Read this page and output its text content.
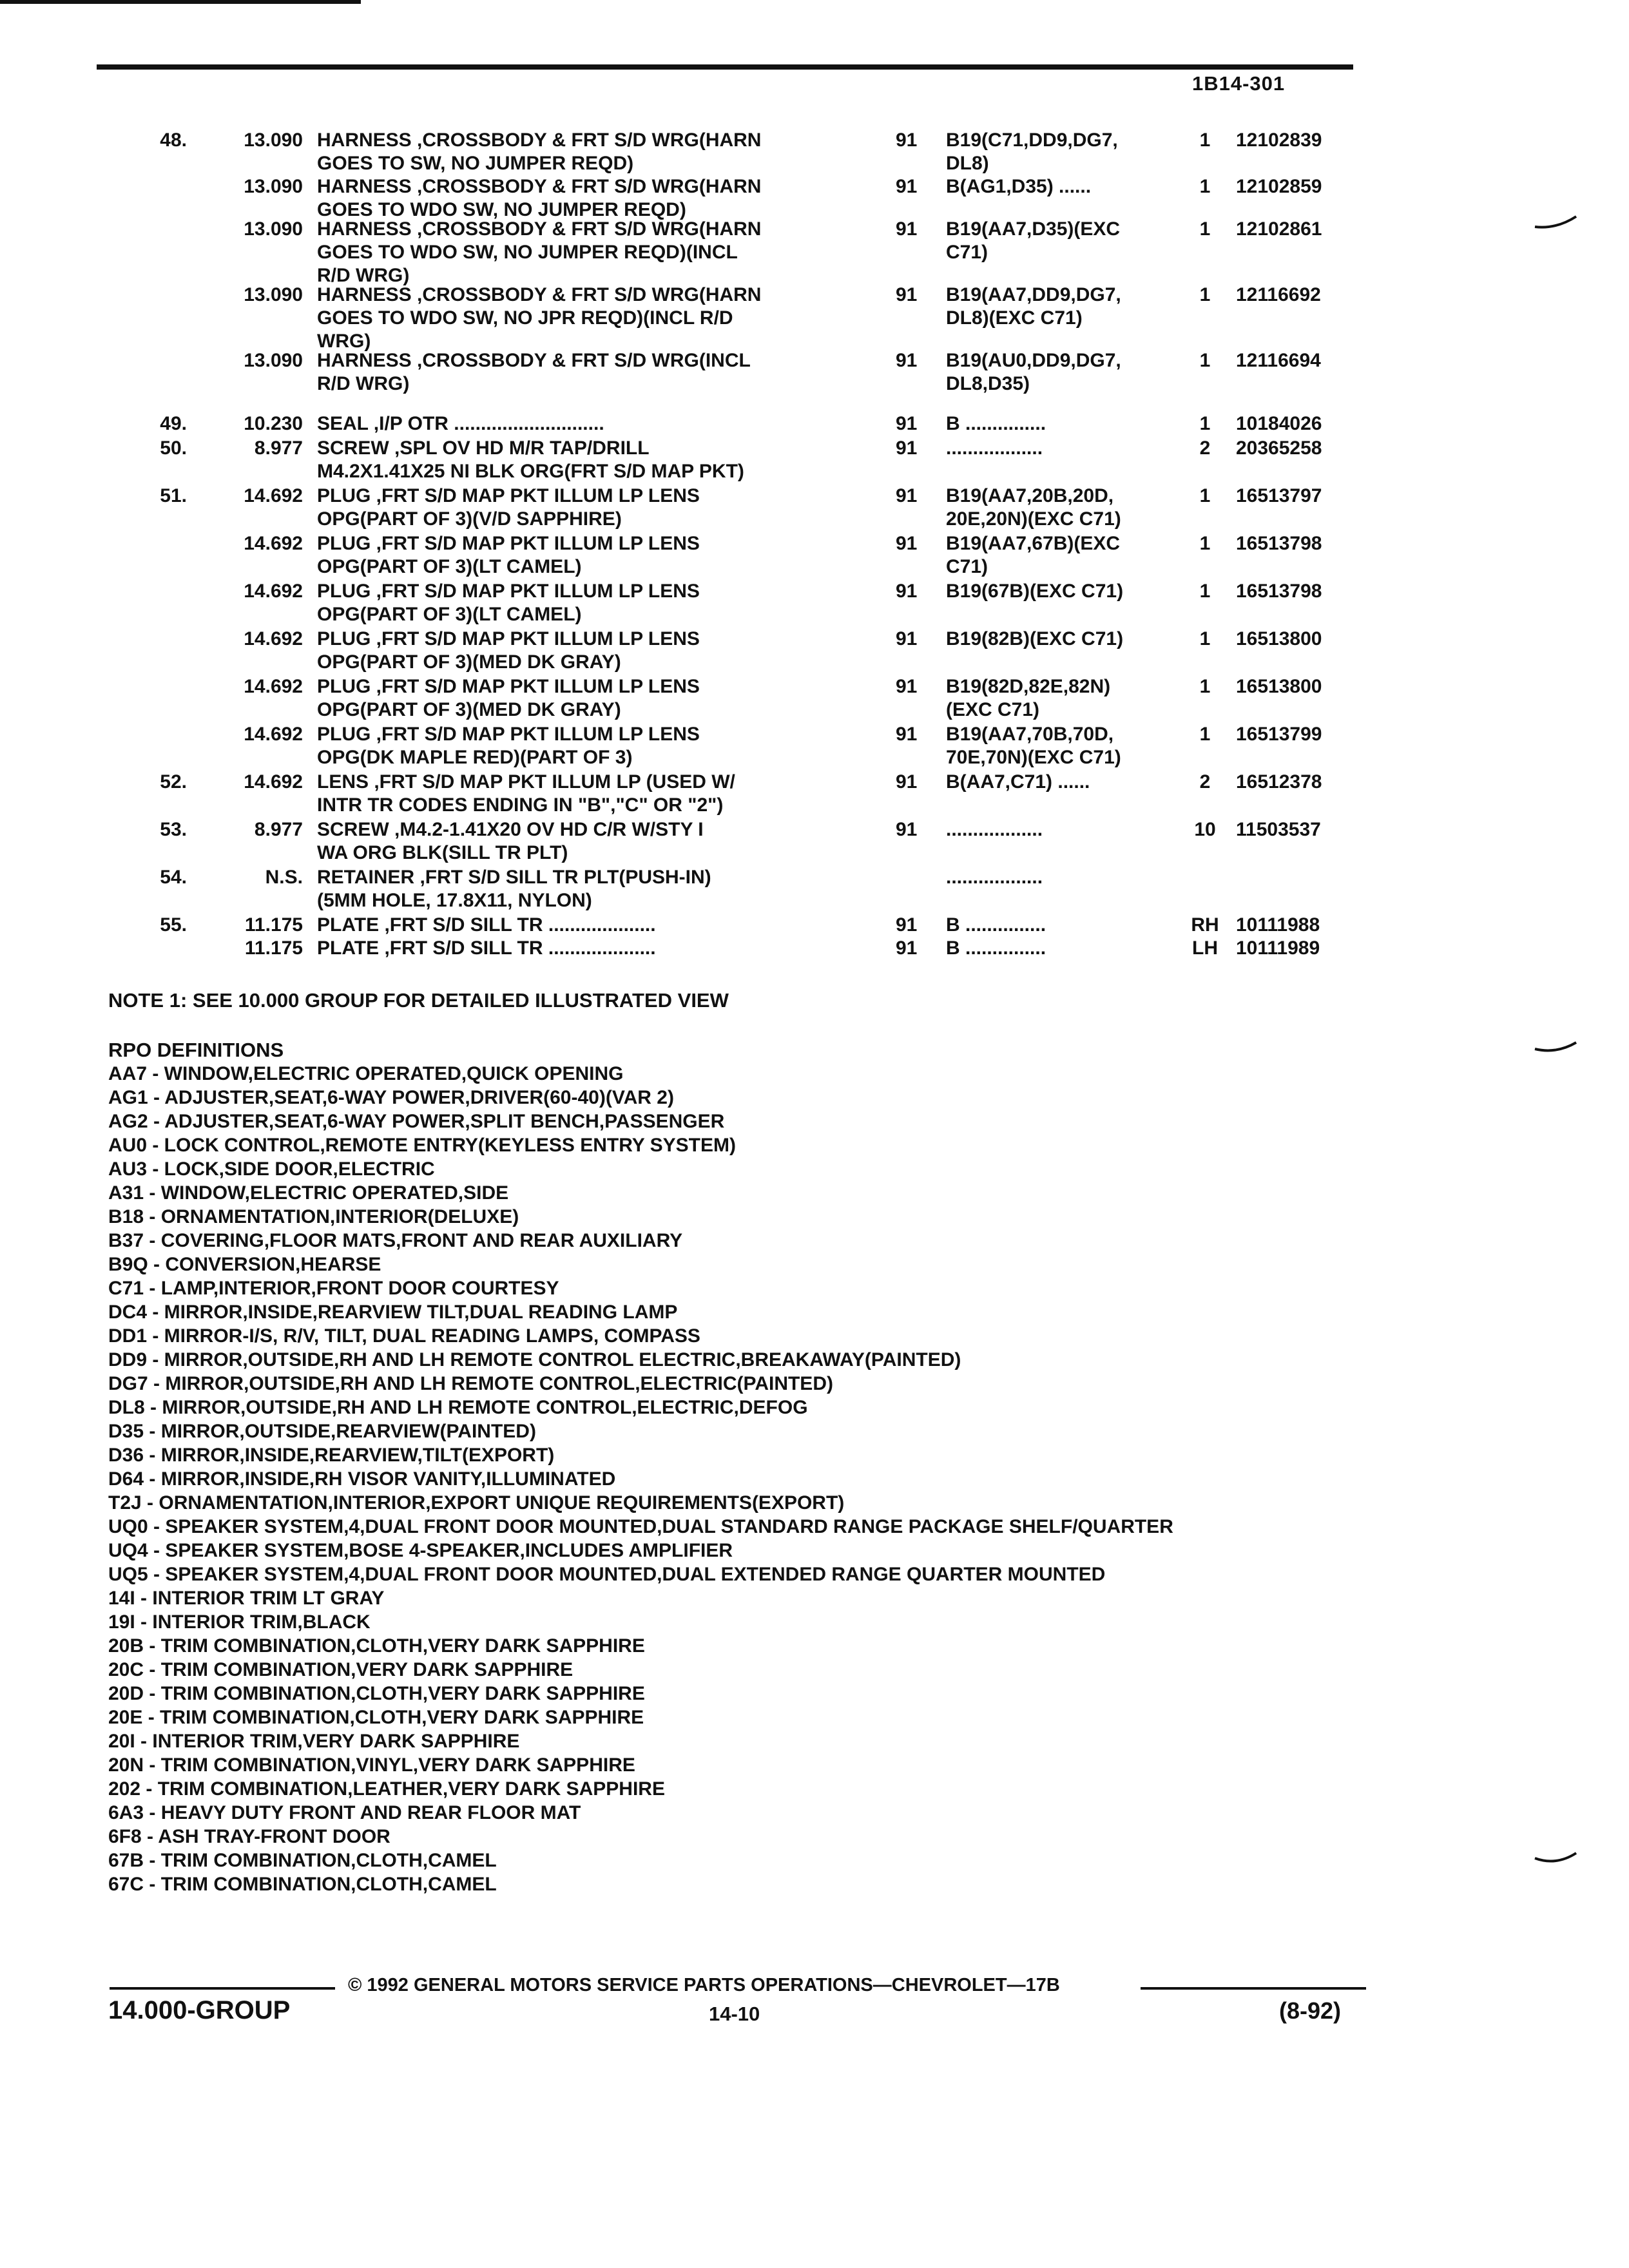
1B14-301
48.	13.090 HARNESS ,CROSSBODY & FRT S/D WRG(HARN
GOES TO SW, NO JUMPER REQD)
91	B19(C71,DD9,DG7,
DL8)
1	12102839
13.090 HARNESS ,CROSSBODY & FRT S/D WRG(HARN
GOES TO WDO SW, NO JUMPER REQD)
91	B(AG1,D35) ......	1	12102859
13.090 HARNESS ,CROSSBODY & FRT S/D WRG(HARN
GOES TO WDO SW, NO JUMPER REQD)(INCL
R/D WRG)
91	B19(AA7,D35)(EXC
C71)
1	12102861
13.090 HARNESS ,CROSSBODY & FRT S/D WRG(HARN
GOES TO WDO SW, NO JPR REQD)(INCL R/D
WRG)
91	B19(AA7,DD9,DG7,
DL8)(EXC C71)
1	12116692
13.090 HARNESS ,CROSSBODY & FRT S/D WRG(INCL
R/D WRG)
91	B19(AU0,DD9,DG7,
DL8,D35)
1	12116694
49.	10.230 SEAL ,I/P OTR ............................	91	B ...............	1	10184026
50.	8.977 SCREW ,SPL OV HD M/R TAP/DRILL
M4.2X1.41X25 NI BLK ORG(FRT S/D MAP PKT)
91	..................	2	20365258
51.	14.692 PLUG ,FRT S/D MAP PKT ILLUM LP LENS
OPG(PART OF 3)(V/D SAPPHIRE)
91	B19(AA7,20B,20D,
20E,20N)(EXC C71)
1	16513797
14.692 PLUG ,FRT S/D MAP PKT ILLUM LP LENS
OPG(PART OF 3)(LT CAMEL)
91	B19(AA7,67B)(EXC
C71)
1	16513798
14.692 PLUG ,FRT S/D MAP PKT ILLUM LP LENS
OPG(PART OF 3)(LT CAMEL)
91	B19(67B)(EXC C71)	1	16513798
14.692 PLUG ,FRT S/D MAP PKT ILLUM LP LENS
OPG(PART OF 3)(MED DK GRAY)
91	B19(82B)(EXC C71)	1	16513800
14.692 PLUG ,FRT S/D MAP PKT ILLUM LP LENS
OPG(PART OF 3)(MED DK GRAY)
91	B19(82D,82E,82N)
(EXC C71)
1	16513800
14.692 PLUG ,FRT S/D MAP PKT ILLUM LP LENS
OPG(DK MAPLE RED)(PART OF 3)
91	B19(AA7,70B,70D,
70E,70N)(EXC C71)
1	16513799
52.	14.692 LENS ,FRT S/D MAP PKT ILLUM LP (USED W/
INTR TR CODES ENDING IN "B","C" OR "2")
91	B(AA7,C71) ......	2	16512378
53.	8.977 SCREW ,M4.2-1.41X20 OV HD C/R W/STY I
WA ORG BLK(SILL TR PLT)
91	..................	10	11503537
54.	N.S. RETAINER ,FRT S/D SILL TR PLT(PUSH-IN)
(5MM HOLE, 17.8X11, NYLON)
..................
55.	11.175 PLATE ,FRT S/D SILL TR ....................	91	B ...............	RH 10111988
11.175 PLATE ,FRT S/D SILL TR ....................	91	B ...............	LH 10111989
NOTE 1: SEE 10.000 GROUP FOR DETAILED ILLUSTRATED VIEW
RPO DEFINITIONS
AA7 - WINDOW,ELECTRIC OPERATED,QUICK OPENING
AG1 - ADJUSTER,SEAT,6-WAY POWER,DRIVER(60-40)(VAR 2)
AG2 - ADJUSTER,SEAT,6-WAY POWER,SPLIT BENCH,PASSENGER
AU0 - LOCK CONTROL,REMOTE ENTRY(KEYLESS ENTRY SYSTEM)
AU3 - LOCK,SIDE DOOR,ELECTRIC
A31 - WINDOW,ELECTRIC OPERATED,SIDE
B18 - ORNAMENTATION,INTERIOR(DELUXE)
B37 - COVERING,FLOOR MATS,FRONT AND REAR AUXILIARY
B9Q - CONVERSION,HEARSE
C71 - LAMP,INTERIOR,FRONT DOOR COURTESY
DC4 - MIRROR,INSIDE,REARVIEW TILT,DUAL READING LAMP
DD1 - MIRROR-I/S, R/V, TILT, DUAL READING LAMPS, COMPASS
DD9 - MIRROR,OUTSIDE,RH AND LH REMOTE CONTROL ELECTRIC,BREAKAWAY(PAINTED)
DG7 - MIRROR,OUTSIDE,RH AND LH REMOTE CONTROL,ELECTRIC(PAINTED)
DL8 - MIRROR,OUTSIDE,RH AND LH REMOTE CONTROL,ELECTRIC,DEFOG
D35 - MIRROR,OUTSIDE,REARVIEW(PAINTED)
D36 - MIRROR,INSIDE,REARVIEW,TILT(EXPORT)
D64 - MIRROR,INSIDE,RH VISOR VANITY,ILLUMINATED
T2J - ORNAMENTATION,INTERIOR,EXPORT UNIQUE REQUIREMENTS(EXPORT)
UQ0 - SPEAKER SYSTEM,4,DUAL FRONT DOOR MOUNTED,DUAL STANDARD RANGE PACKAGE SHELF/QUARTER
UQ4 - SPEAKER SYSTEM,BOSE 4-SPEAKER,INCLUDES AMPLIFIER
UQ5 - SPEAKER SYSTEM,4,DUAL FRONT DOOR MOUNTED,DUAL EXTENDED RANGE QUARTER MOUNTED
14I - INTERIOR TRIM LT GRAY
19I - INTERIOR TRIM,BLACK
20B - TRIM COMBINATION,CLOTH,VERY DARK SAPPHIRE
20C - TRIM COMBINATION,VERY DARK SAPPHIRE
20D - TRIM COMBINATION,CLOTH,VERY DARK SAPPHIRE
20E - TRIM COMBINATION,CLOTH,VERY DARK SAPPHIRE
20I - INTERIOR TRIM,VERY DARK SAPPHIRE
20N - TRIM COMBINATION,VINYL,VERY DARK SAPPHIRE
202 - TRIM COMBINATION,LEATHER,VERY DARK SAPPHIRE
6A3 - HEAVY DUTY FRONT AND REAR FLOOR MAT
6F8 - ASH TRAY-FRONT DOOR
67B - TRIM COMBINATION,CLOTH,CAMEL
67C - TRIM COMBINATION,CLOTH,CAMEL
© 1992 GENERAL MOTORS SERVICE PARTS OPERATIONS—CHEVROLET—17B
14.000-GROUP	14-10	(8-92)
